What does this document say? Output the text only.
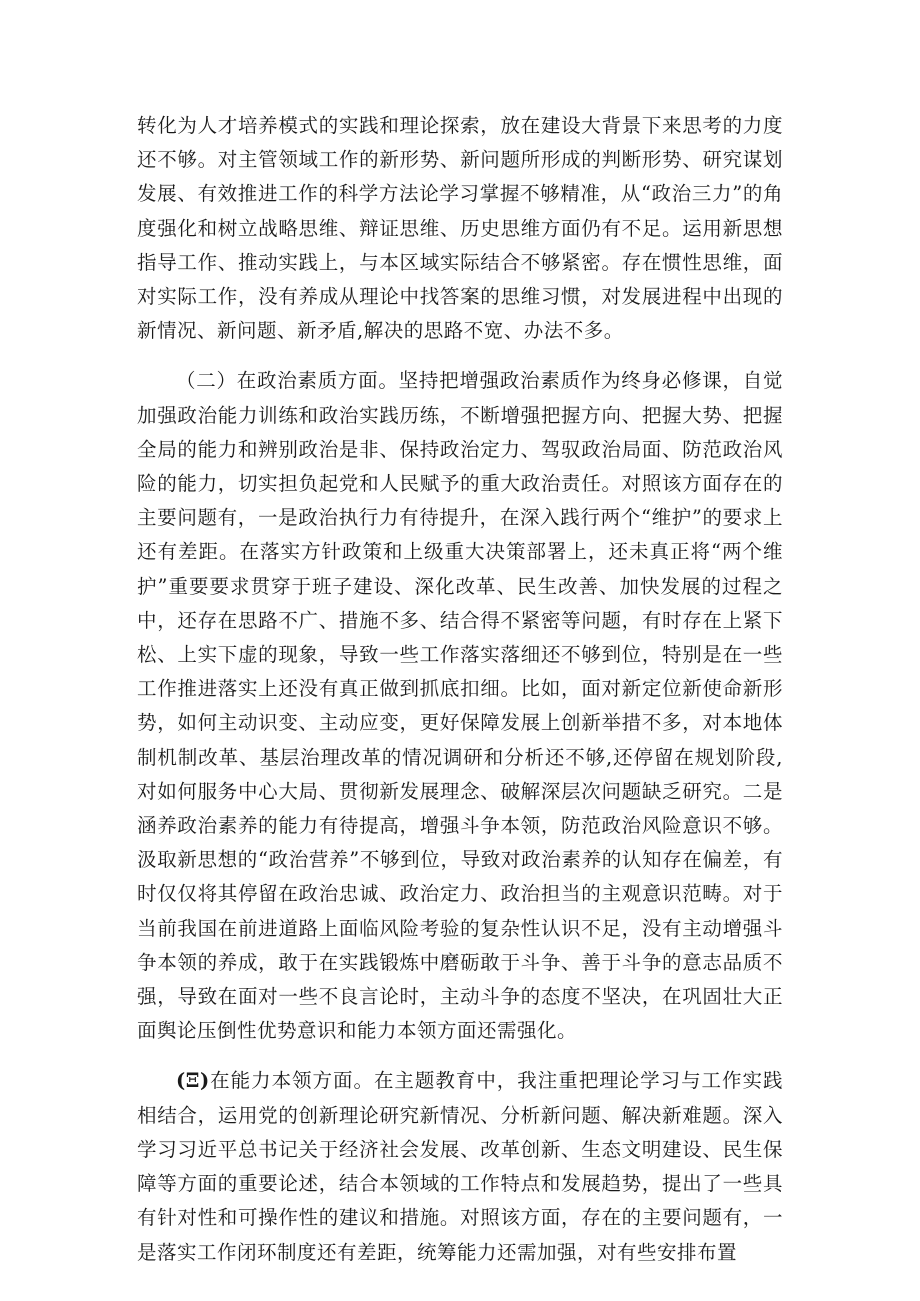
转化为人才培养模式的实践和理论探索，放在建设大背景下来思考的力度还不够。对主管领域工作的新形势、新问题所形成的判断形势、研究谋划发展、有效推进工作的科学方法论学习掌握不够精准，从“政治三力”的角度强化和树立战略思维、辩证思维、历史思维方面仍有不足。运用新思想指导工作、推动实践上，与本区域实际结合不够紧密。存在惯性思维，面对实际工作，没有养成从理论中找答案的思维习惯，对发展进程中出现的新情况、新问题、新矛盾,解决的思路不宽、办法不多。

（二）在政治素质方面。坚持把增强政治素质作为终身必修课，自觉加强政治能力训练和政治实践历练，不断增强把握方向、把握大势、把握全局的能力和辨别政治是非、保持政治定力、驾驭政治局面、防范政治风险的能力，切实担负起党和人民赋予的重大政治责任。对照该方面存在的主要问题有，一是政治执行力有待提升，在深入践行两个“维护”的要求上还有差距。在落实方针政策和上级重大决策部署上，还未真正将“两个维护”重要要求贯穿于班子建设、深化改革、民生改善、加快发展的过程之中，还存在思路不广、措施不多、结合得不紧密等问题，有时存在上紧下松、上实下虚的现象，导致一些工作落实落细还不够到位，特别是在一些工作推进落实上还没有真正做到抓底扣细。比如，面对新定位新使命新形势，如何主动识变、主动应变，更好保障发展上创新举措不多，对本地体制机制改革、基层治理改革的情况调研和分析还不够,还停留在规划阶段,对如何服务中心大局、贯彻新发展理念、破解深层次问题缺乏研究。二是涵养政治素养的能力有待提高，增强斗争本领，防范政治风险意识不够。汲取新思想的“政治营养”不够到位，导致对政治素养的认知存在偏差，有时仅仅将其停留在政治忠诚、政治定力、政治担当的主观意识范畴。对于当前我国在前进道路上面临风险考验的复杂性认识不足，没有主动增强斗争本领的养成，敢于在实践锻炼中磨砺敢于斗争、善于斗争的意志品质不强，导致在面对一些不良言论时，主动斗争的态度不坚决，在巩固壮大正面舆论压倒性优势意识和能力本领方面还需强化。

(Ξ)在能力本领方面。在主题教育中，我注重把理论学习与工作实践相结合，运用党的创新理论研究新情况、分析新问题、解决新难题。深入学习习近平总书记关于经济社会发展、改革创新、生态文明建设、民生保障等方面的重要论述，结合本领域的工作特点和发展趋势，提出了一些具有针对性和可操作性的建议和措施。对照该方面，存在的主要问题有，一是落实工作闭环制度还有差距，统筹能力还需加强，对有些安排布置
